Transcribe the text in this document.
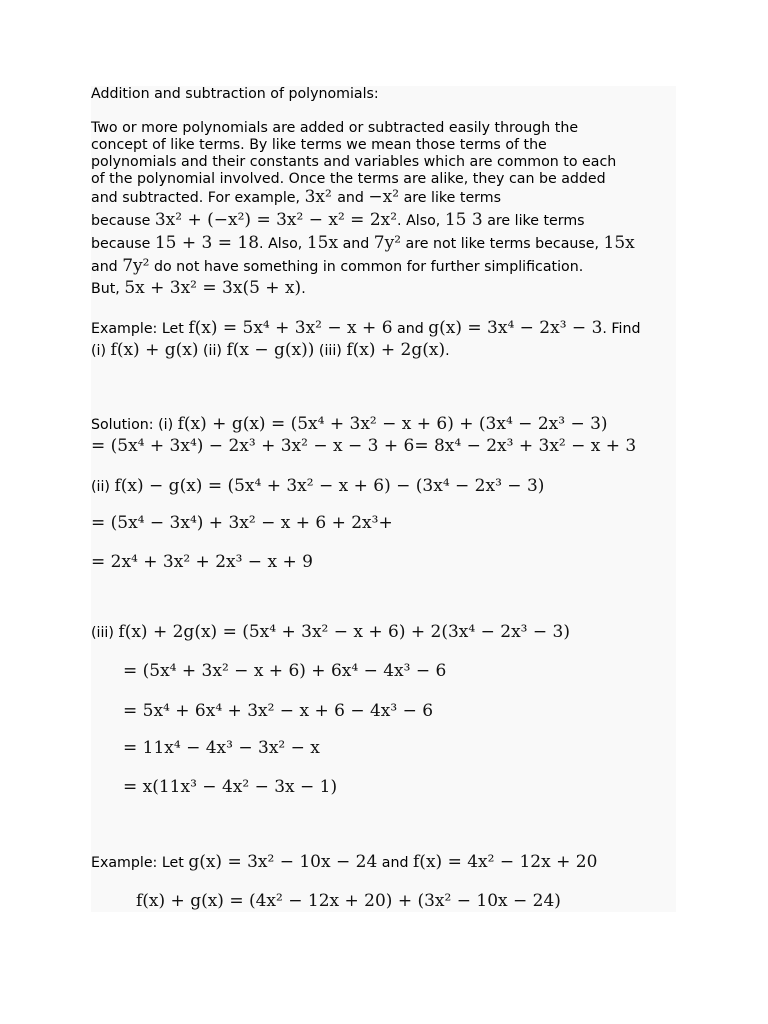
Addition and subtraction of polynomials:
Two or more polynomials are added or subtracted easily through the
concept of like terms. By like terms we mean those terms of the
polynomials and their constants and variables which are common to each
of the polynomial involved. Once the terms are alike, they can be added
and subtracted. For example, 3x² and −x² are like terms
because 3x² + (−x²) = 3x² − x² = 2x². Also, 15 3 are like terms
because 15 + 3 = 18. Also, 15x and 7y² are not like terms because, 15x
and 7y² do not have something in common for further simplification.
But, 5x + 3x² = 3x(5 + x).
Example: Let f(x) = 5x⁴ + 3x² − x + 6 and g(x) = 3x⁴ − 2x³ − 3. Find
(i) f(x) + g(x) (ii) f(x − g(x)) (iii) f(x) + 2g(x).
Solution: (i) f(x) + g(x) = (5x⁴ + 3x² − x + 6) + (3x⁴ − 2x³ − 3)
= (5x⁴ + 3x⁴) − 2x³ + 3x² − x − 3 + 6= 8x⁴ − 2x³ + 3x² − x + 3
(ii) f(x) − g(x) = (5x⁴ + 3x² − x + 6) − (3x⁴ − 2x³ − 3)
= (5x⁴ − 3x⁴) + 3x² − x + 6 + 2x³+
= 2x⁴ + 3x² + 2x³ − x + 9
(iii) f(x) + 2g(x) = (5x⁴ + 3x² − x + 6) + 2(3x⁴ − 2x³ − 3)
= (5x⁴ + 3x² − x + 6) + 6x⁴ − 4x³ − 6
= 5x⁴ + 6x⁴ + 3x² − x + 6 − 4x³ − 6
= 11x⁴ − 4x³ − 3x² − x
= x(11x³ − 4x² − 3x − 1)
Example: Let g(x) = 3x² − 10x − 24 and f(x) = 4x² − 12x + 20
f(x) + g(x) = (4x² − 12x + 20) + (3x² − 10x − 24)
